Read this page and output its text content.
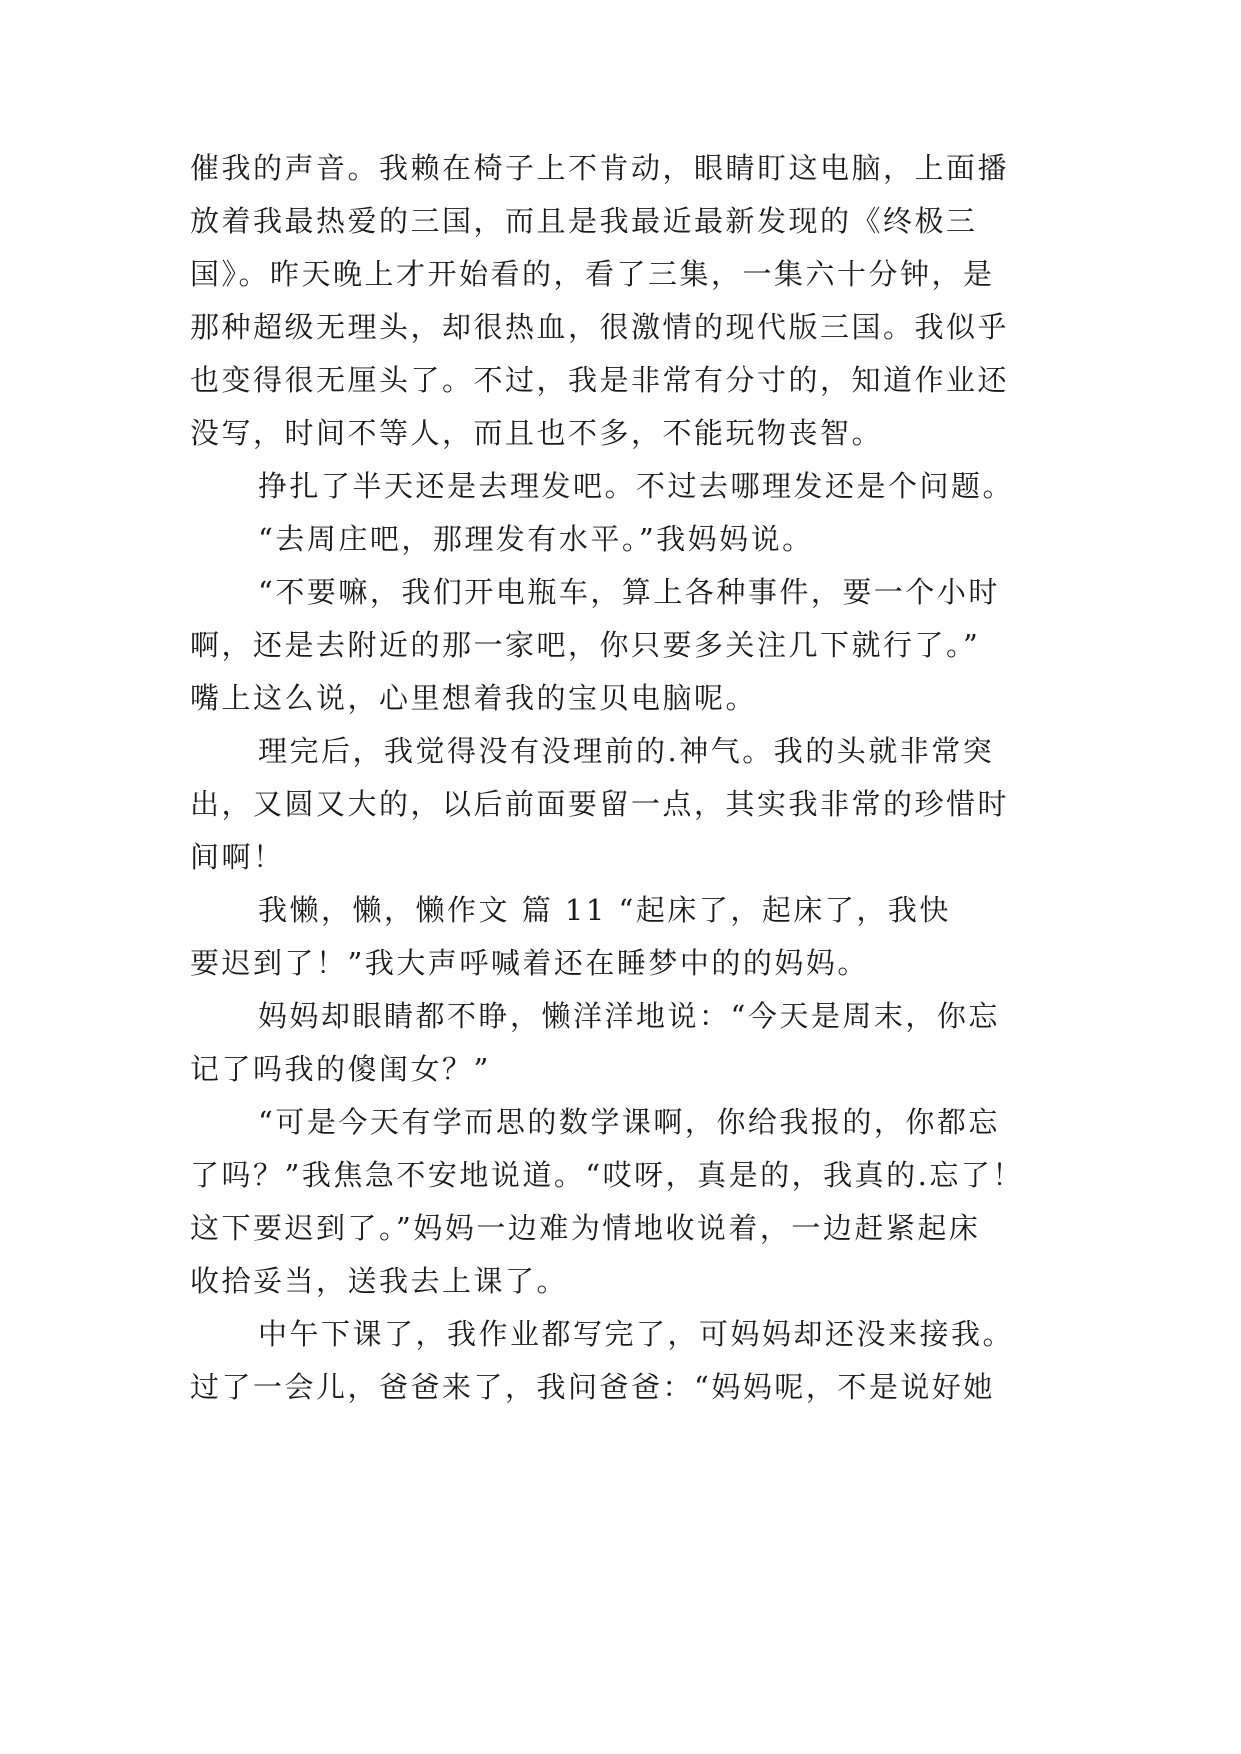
催我的声音。我赖在椅子上不肯动，眼睛盯这电脑，上面播

放着我最热爱的三国，而且是我最近最新发现的《终极三

国》。昨天晚上才开始看的，看了三集，一集六十分钟，是

那种超级无理头，却很热血，很激情的现代版三国。我似乎

也变得很无厘头了。不过，我是非常有分寸的，知道作业还

没写，时间不等人，而且也不多，不能玩物丧智。

挣扎了半天还是去理发吧。不过去哪理发还是个问题。

“去周庄吧，那理发有水平。”我妈妈说。

“不要嘛，我们开电瓶车，算上各种事件，要一个小时

啊，还是去附近的那一家吧，你只要多关注几下就行了。”

嘴上这么说，心里想着我的宝贝电脑呢。

理完后，我觉得没有没理前的.神气。我的头就非常突

出，又圆又大的，以后前面要留一点，其实我非常的珍惜时

间啊！

我懒，懒，懒作文 篇 11 “起床了，起床了，我快

要迟到了！”我大声呼喊着还在睡梦中的的妈妈。

妈妈却眼睛都不睁，懒洋洋地说：“今天是周末，你忘

记了吗我的傻闺女？”

“可是今天有学而思的数学课啊，你给我报的，你都忘

了吗？”我焦急不安地说道。“哎呀，真是的，我真的.忘了！

这下要迟到了。”妈妈一边难为情地收说着，一边赶紧起床

收拾妥当，送我去上课了。

中午下课了，我作业都写完了，可妈妈却还没来接我。

过了一会儿，爸爸来了，我问爸爸：“妈妈呢，不是说好她
